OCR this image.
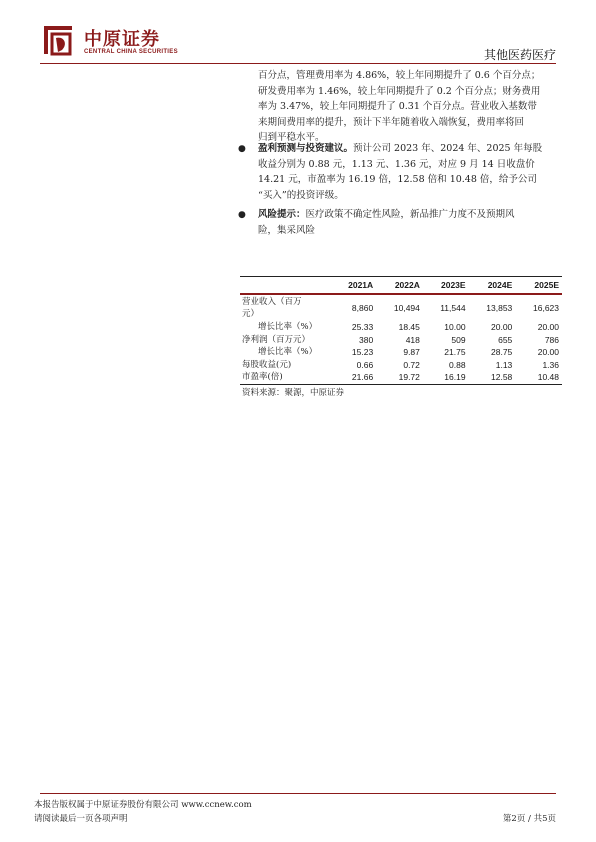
中原证券
CENTRAL CHINA SECURITIES	其他医药医疗
百分点，管理费用率为 4.86%，较上年同期提升了 0.6 个百分点；
研发费用率为 1.46%，较上年同期提升了 0.2 个百分点；财务费用
率为 3.47%，较上年同期提升了 0.31 个百分点。营业收入基数带
来期间费用率的提升，预计下半年随着收入端恢复，费用率将回
归到平稳水平。
● 盈利预测与投资建议。预计公司 2023 年、2024 年、2025 年每股
收益分别为 0.88 元，1.13 元、1.36 元，对应 9 月 14 日收盘价
14.21 元，市盈率为 16.19 倍，12.58 倍和 10.48 倍，给予公司
“买入”的投资评级。
● 风险提示：医疗政策不确定性风险，新品推广力度不及预期风
险，集采风险
	2021A	2022A	2023E	2024E	2025E

营业收入（百万
元）	8,860	10,494	11,544	13,853	16,623
增长比率（%）	25.33	18.45	10.00	20.00	20.00
净利润（百万元）	380	418	509	655	786
增长比率（%）	15.23	9.87	21.75	28.75	20.00
每股收益(元)	0.66	0.72	0.88	1.13	1.36
市盈率(倍)	21.66	19.72	16.19	12.58	10.48
资料来源：聚源，中原证券
本报告版权属于中原证券股份有限公司 www.ccnew.com
请阅读最后一页各项声明	第2页 / 共5页
